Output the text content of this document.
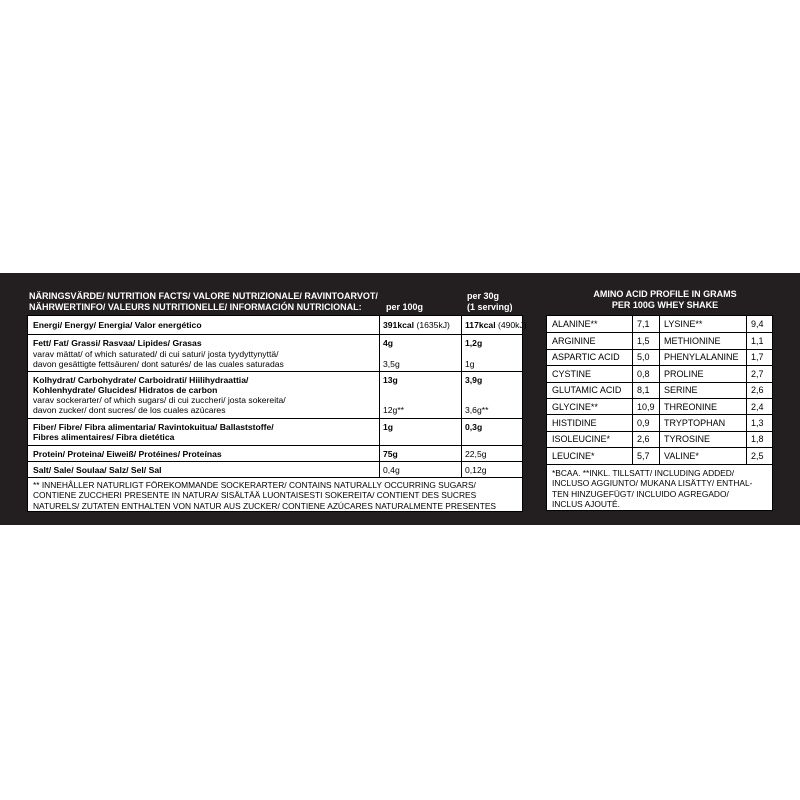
NÄRINGSVÄRDE/ NUTRITION FACTS/ VALORE NUTRIZIONALE/ RAVINTOARVOT/
NÄHRWERTINFO/ VALEURS NUTRITIONELLE/ INFORMACIÓN NUTRICIONAL:	per 100g
per 30g
(1 serving)
Energi/ Energy/ Energia/ Valor energético	391kcal (1635kJ)	117kcal (490kJ)
Fett/ Fat/ Grassi/ Rasvaa/ Lipides/ Grasas	4g	1,2g
varav mättat/ of which saturated/ di cui saturi/ josta tyydyttynyttä/
davon gesättigte fettsäuren/ dont saturés/ de las cuales saturadas	3,5g	1g
Kolhydrat/ Carbohydrate/ Carboidrati/ Hiilihydraattia/
Kohlenhydrate/ Glucides/ Hidratos de carbon
13g	3,9g
varav sockerarter/ of which sugars/ di cui zuccheri/ josta sokereita/
davon zucker/ dont sucres/ de los cuales azúcares	12g**	3,6g**
Fiber/ Fibre/ Fibra alimentaria/ Ravintokuitua/ Ballaststoffe/
Fibres alimentaires/ Fibra dietética
1g	0,3g
Protein/ Proteina/ Eiweiß/ Protéines/ Proteínas	75g	22,5g
Salt/ Sale/ Soulaa/ Salz/ Sel/ Sal	0,4g	0,12g
** INNEHÅLLER NATURLIGT FÖREKOMMANDE SOCKERARTER/ CONTAINS NATURALLY OCCURRING SUGARS/
CONTIENE ZUCCHERI PRESENTE IN NATURA/ SISÄLTÄÄ LUONTAISESTI SOKEREITA/ CONTIENT DES SUCRES
NATURELS/ ZUTATEN ENTHALTEN VON NATUR AUS ZUCKER/ CONTIENE AZÚCARES NATURALMENTE PRESENTES
AMINO ACID PROFILE IN GRAMS
PER 100G WHEY SHAKE
ALANINE**	7,1 LYSINE**	9,4
ARGININE	1,5 METHIONINE	1,1
ASPARTIC ACID 5,0 PHENYLALANINE 1,7
CYSTINE	0,8 PROLINE	2,7
GLUTAMIC ACID 8,1 SERINE	2,6
GLYCINE**	10,9 THREONINE	2,4
HISTIDINE	0,9 TRYPTOPHAN	1,3
ISOLEUCINE*	2,6 TYROSINE	1,8
LEUCINE*	5,7 VALINE*	2,5
*BCAA. **INKL. TILLSATT/ INCLUDING ADDED/
INCLUSO AGGIUNTO/ MUKANA LISÄTTY/ ENTHAL-
TEN HINZUGEFÜGT/ INCLUIDO AGREGADO/
INCLUS AJOUTÉ.
